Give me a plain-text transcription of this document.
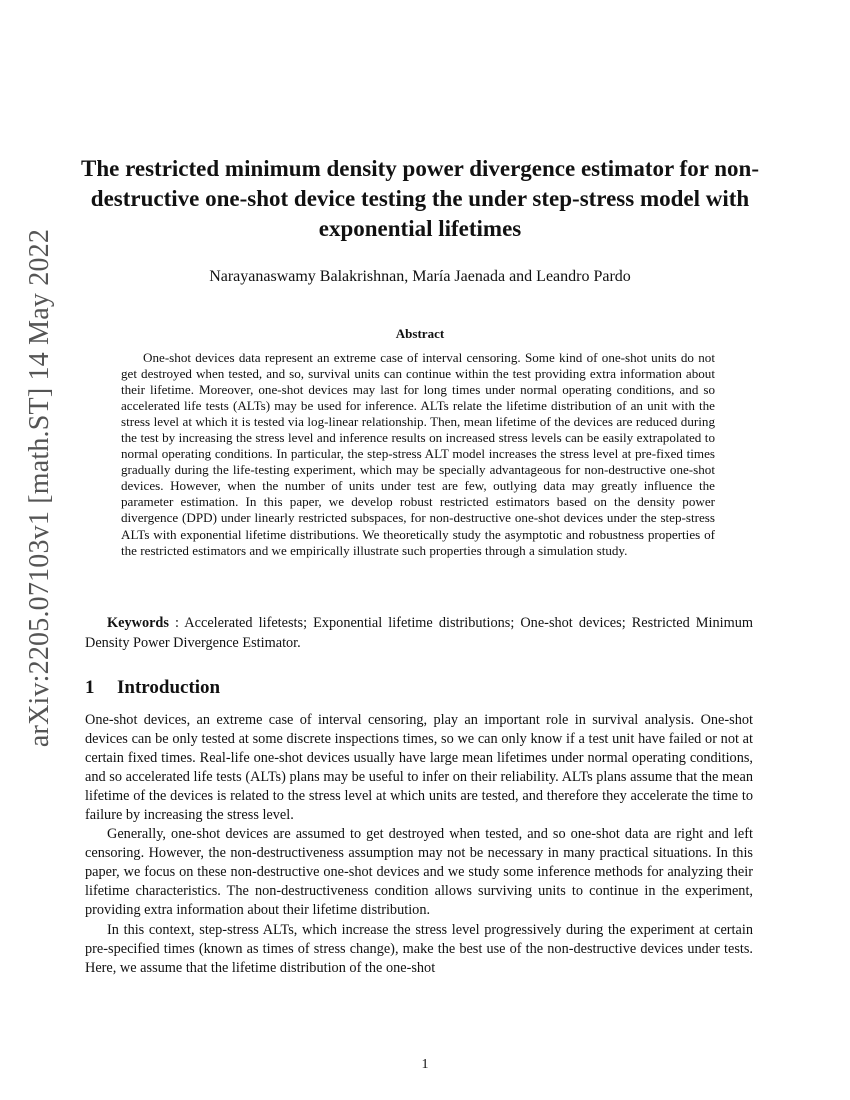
arXiv:2205.07103v1 [math.ST] 14 May 2022
The restricted minimum density power divergence estimator for non-destructive one-shot device testing the under step-stress model with exponential lifetimes
Narayanaswamy Balakrishnan, María Jaenada and Leandro Pardo
Abstract

One-shot devices data represent an extreme case of interval censoring. Some kind of one-shot units do not get destroyed when tested, and so, survival units can continue within the test providing extra information about their lifetime. Moreover, one-shot devices may last for long times under normal operating conditions, and so accelerated life tests (ALTs) may be used for inference. ALTs relate the lifetime distribution of an unit with the stress level at which it is tested via log-linear relationship. Then, mean lifetime of the devices are reduced during the test by increasing the stress level and inference results on increased stress levels can be easily extrapolated to normal operating conditions. In particular, the step-stress ALT model increases the stress level at pre-fixed times gradually during the life-testing experiment, which may be specially advantageous for non-destructive one-shot devices. However, when the number of units under test are few, outlying data may greatly influence the parameter estimation. In this paper, we develop robust restricted estimators based on the density power divergence (DPD) under linearly restricted subspaces, for non-destructive one-shot devices under the step-stress ALTs with exponential lifetime distributions. We theoretically study the asymptotic and robustness properties of the restricted estimators and we empirically illustrate such properties through a simulation study.

Keywords : Accelerated lifetests; Exponential lifetime distributions; One-shot devices; Restricted Minimum Density Power Divergence Estimator.

1 Introduction

One-shot devices, an extreme case of interval censoring, play an important role in survival analysis. One-shot devices can be only tested at some discrete inspections times, so we can only know if a test unit have failed or not at certain fixed times. Real-life one-shot devices usually have large mean lifetimes under normal operating conditions, and so accelerated life tests (ALTs) plans may be useful to infer on their reliability. ALTs plans assume that the mean lifetime of the devices is related to the stress level at which units are tested, and therefore they accelerate the time to failure by increasing the stress level.

Generally, one-shot devices are assumed to get destroyed when tested, and so one-shot data are right and left censoring. However, the non-destructiveness assumption may not be necessary in many practical situations. In this paper, we focus on these non-destructive one-shot devices and we study some inference methods for analyzing their lifetime characteristics. The non-destructiveness condition allows surviving units to continue in the experiment, providing extra information about their lifetime distribution.

In this context, step-stress ALTs, which increase the stress level progressively during the experiment at certain pre-specified times (known as times of stress change), make the best use of the non-destructive devices under tests. Here, we assume that the lifetime distribution of the one-shot

1
